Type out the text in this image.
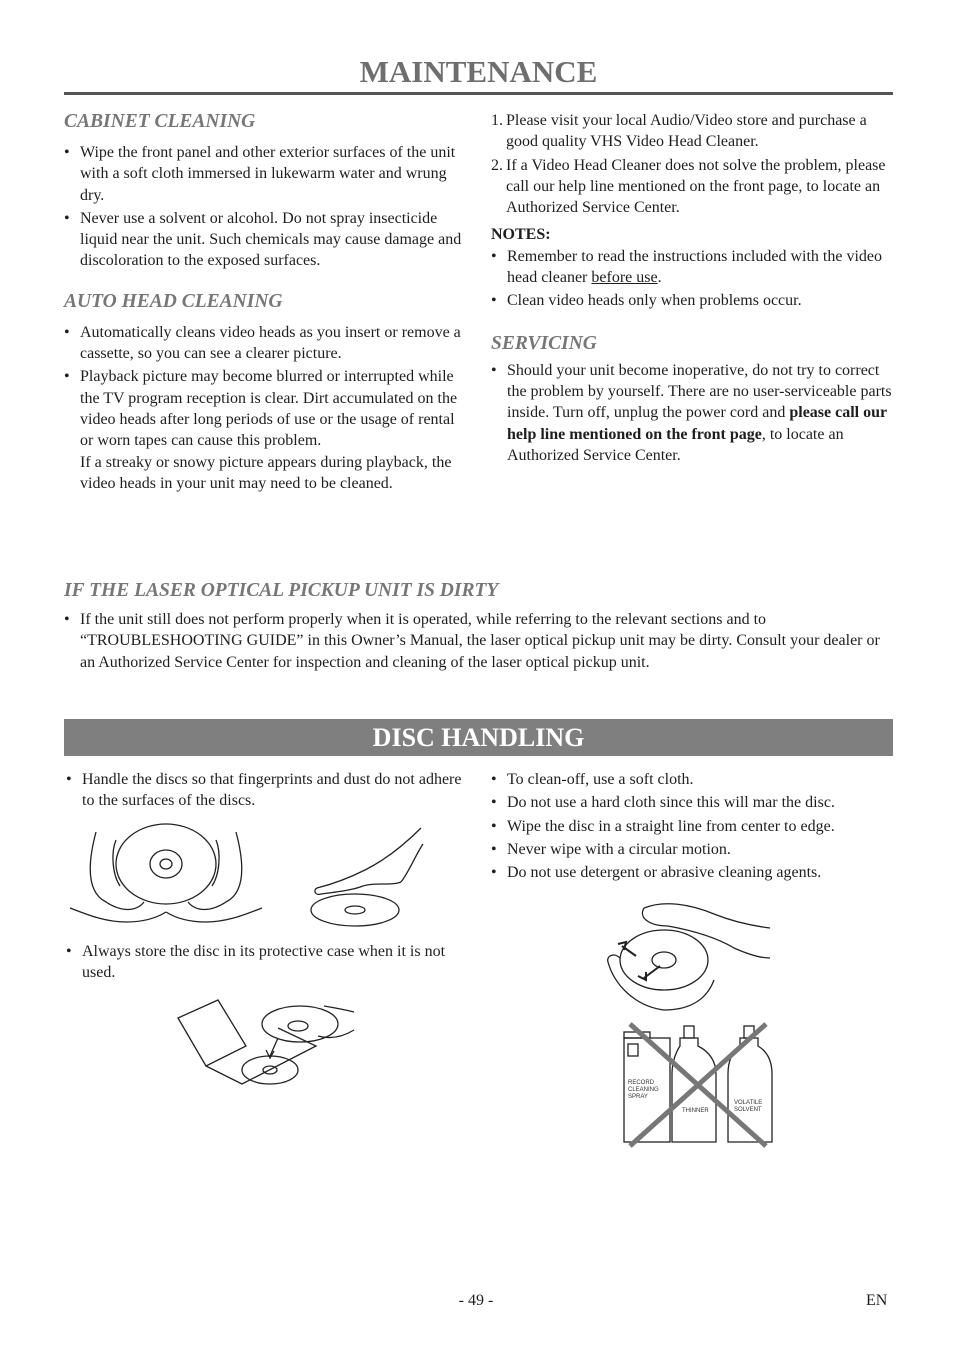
MAINTENANCE
CABINET CLEANING
• Wipe the front panel and other exterior surfaces of the unit with a soft cloth immersed in lukewarm water and wrung dry.
• Never use a solvent or alcohol. Do not spray insecticide liquid near the unit. Such chemicals may cause damage and discoloration to the exposed surfaces.
AUTO HEAD CLEANING
• Automatically cleans video heads as you insert or remove a cassette, so you can see a clearer picture.
• Playback picture may become blurred or interrupted while the TV program reception is clear. Dirt accumulated on the video heads after long periods of use or the usage of rental or worn tapes can cause this problem.
If a streaky or snowy picture appears during playback, the video heads in your unit may need to be cleaned.
1. Please visit your local Audio/Video store and purchase a good quality VHS Video Head Cleaner.
2. If a Video Head Cleaner does not solve the problem, please call our help line mentioned on the front page, to locate an Authorized Service Center.
NOTES:
• Remember to read the instructions included with the video head cleaner before use.
• Clean video heads only when problems occur.
SERVICING
• Should your unit become inoperative, do not try to correct the problem by yourself. There are no user-serviceable parts inside. Turn off, unplug the power cord and please call our help line mentioned on the front page, to locate an Authorized Service Center.
IF THE LASER OPTICAL PICKUP UNIT IS DIRTY
• If the unit still does not perform properly when it is operated, while referring to the relevant sections and to “TROUBLESHOOTING GUIDE” in this Owner’s Manual, the laser optical pickup unit may be dirty. Consult your dealer or an Authorized Service Center for inspection and cleaning of the laser optical pickup unit.
DISC HANDLING
• Handle the discs so that fingerprints and dust do not adhere to the surfaces of the discs.
• Always store the disc in its protective case when it is not used.
• To clean-off, use a soft cloth.
• Do not use a hard cloth since this will mar the disc.
• Wipe the disc in a straight line from center to edge.
• Never wipe with a circular motion.
• Do not use detergent or abrasive cleaning agents.
RECORD
CLEANING
SPRAY
THINNER
VOLATILE
SOLVENT
- 49 -	EN
